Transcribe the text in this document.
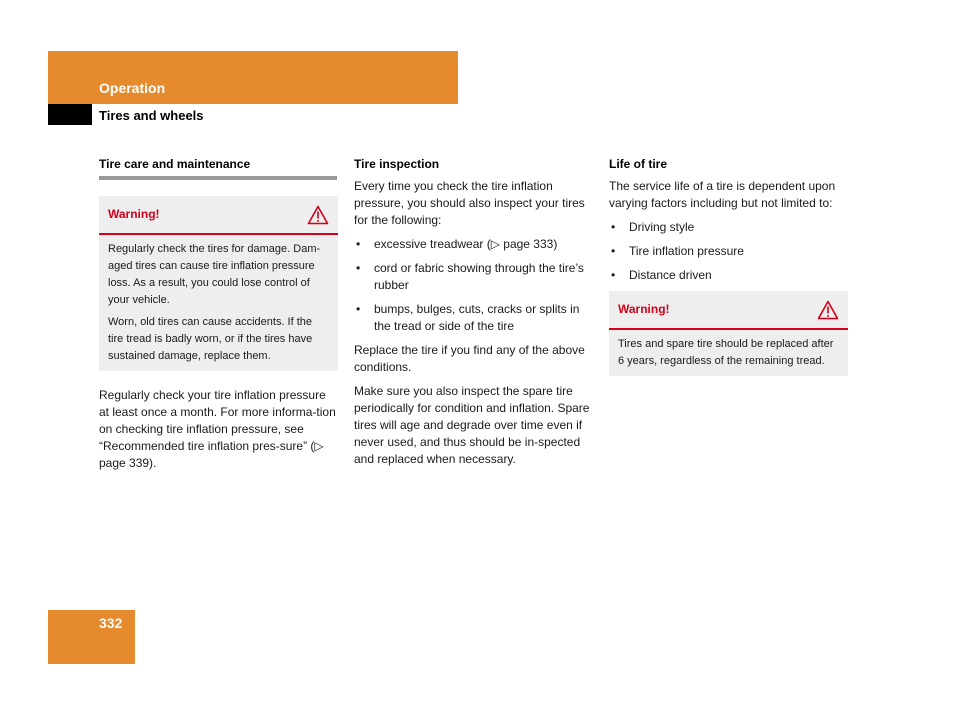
Operation
Tires and wheels
Tire care and maintenance
Warning!

Regularly check the tires for damage. Dam-aged tires can cause tire inflation pressure loss. As a result, you could lose control of your vehicle.

Worn, old tires can cause accidents. If the tire tread is badly worn, or if the tires have sustained damage, replace them.

Regularly check your tire inflation pressure at least once a month. For more informa-tion on checking tire inflation pressure, see “Recommended tire inflation pres-sure” (▷ page 339).

Tire inspection

Every time you check the tire inflation pressure, you should also inspect your tires for the following:

• excessive treadwear (▷ page 333)
• cord or fabric showing through the tire’s rubber
• bumps, bulges, cuts, cracks or splits in the tread or side of the tire

Replace the tire if you find any of the above conditions.

Make sure you also inspect the spare tire periodically for condition and inflation. Spare tires will age and degrade over time even if never used, and thus should be in-spected and replaced when necessary.

Life of tire

The service life of a tire is dependent upon varying factors including but not limited to:

• Driving style
• Tire inflation pressure
• Distance driven
Warning!

Tires and spare tire should be replaced after 6 years, regardless of the remaining tread.

332
